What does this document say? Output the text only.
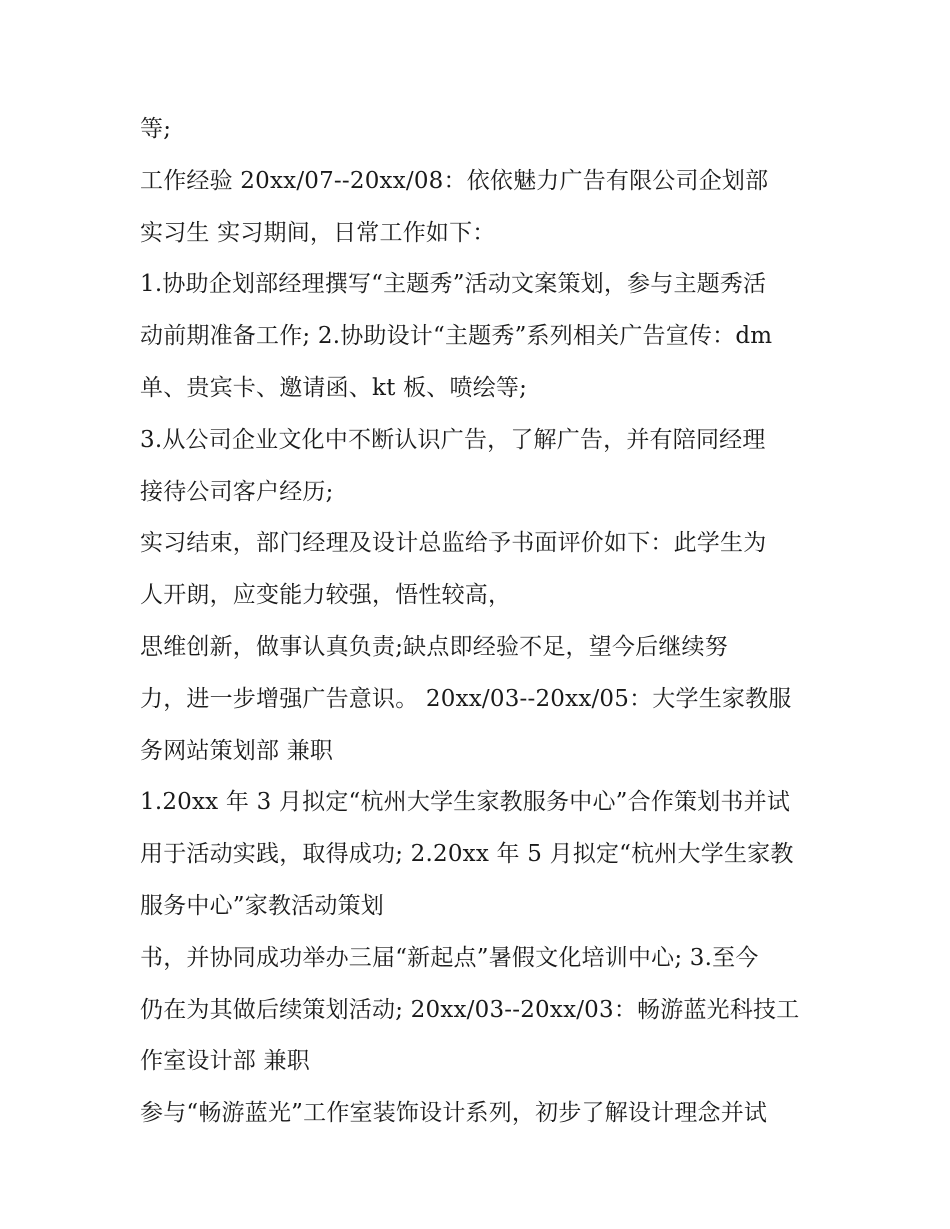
等;
工作经验 20xx/07--20xx/08：依依魅力广告有限公司企划部
实习生 实习期间，日常工作如下：
1.协助企划部经理撰写“主题秀”活动文案策划，参与主题秀活
动前期准备工作; 2.协助设计“主题秀”系列相关广告宣传：dm
单、贵宾卡、邀请函、kt 板、喷绘等;
3.从公司企业文化中不断认识广告，了解广告，并有陪同经理
接待公司客户经历;
实习结束，部门经理及设计总监给予书面评价如下：此学生为
人开朗，应变能力较强，悟性较高，
思维创新，做事认真负责;缺点即经验不足，望今后继续努
力，进一步增强广告意识。 20xx/03--20xx/05：大学生家教服
务网站策划部 兼职
1.20xx 年 3 月拟定“杭州大学生家教服务中心”合作策划书并试
用于活动实践，取得成功; 2.20xx 年 5 月拟定“杭州大学生家教
服务中心”家教活动策划
书，并协同成功举办三届“新起点”暑假文化培训中心; 3.至今
仍在为其做后续策划活动; 20xx/03--20xx/03：畅游蓝光科技工
作室设计部 兼职
参与“畅游蓝光”工作室装饰设计系列，初步了解设计理念并试
